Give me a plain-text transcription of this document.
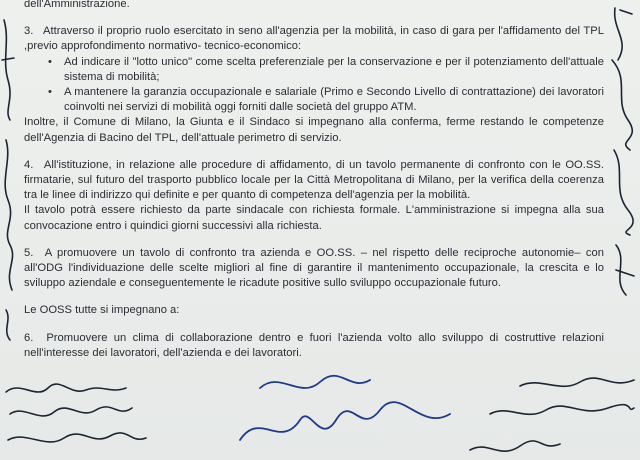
dell'Amministrazione.

3. Attraverso il proprio ruolo esercitato in seno all'agenzia per la mobilità, in caso di gara per l'affidamento del TPL ,previo approfondimento normativo- tecnico-economico:

• Ad indicare il "lotto unico" come scelta preferenziale per la conservazione e per il potenziamento dell'attuale sistema di mobilità;

• A mantenere la garanzia occupazionale e salariale (Primo e Secondo Livello di contrattazione) dei lavoratori coinvolti nei servizi di mobilità oggi forniti dalle società del gruppo ATM.

Inoltre, il Comune di Milano, la Giunta e il Sindaco si impegnano alla conferma, ferme restando le competenze dell'Agenzia di Bacino del TPL, dell'attuale perimetro di servizio.

4. All'istituzione, in relazione alle procedure di affidamento, di un tavolo permanente di confronto con le OO.SS. firmatarie, sul futuro del trasporto pubblico locale per la Città Metropolitana di Milano, per la verifica della coerenza tra le linee di indirizzo qui definite e per quanto di competenza dell'agenzia per la mobilità.

Il tavolo potrà essere richiesto da parte sindacale con richiesta formale. L'amministrazione si impegna alla sua convocazione entro i quindici giorni successivi alla richiesta.

5. A promuovere un tavolo di confronto tra azienda e OO.SS. – nel rispetto delle reciproche autonomie– con all'ODG l'individuazione delle scelte migliori al fine di garantire il mantenimento occupazionale, la crescita e lo sviluppo aziendale e conseguentemente le ricadute positive sullo sviluppo occupazionale futuro.

Le OOSS tutte si impegnano a:

6. Promuovere un clima di collaborazione dentro e fuori l'azienda volto allo sviluppo di costruttive relazioni nell'interesse dei lavoratori, dell'azienda e dei lavoratori.
